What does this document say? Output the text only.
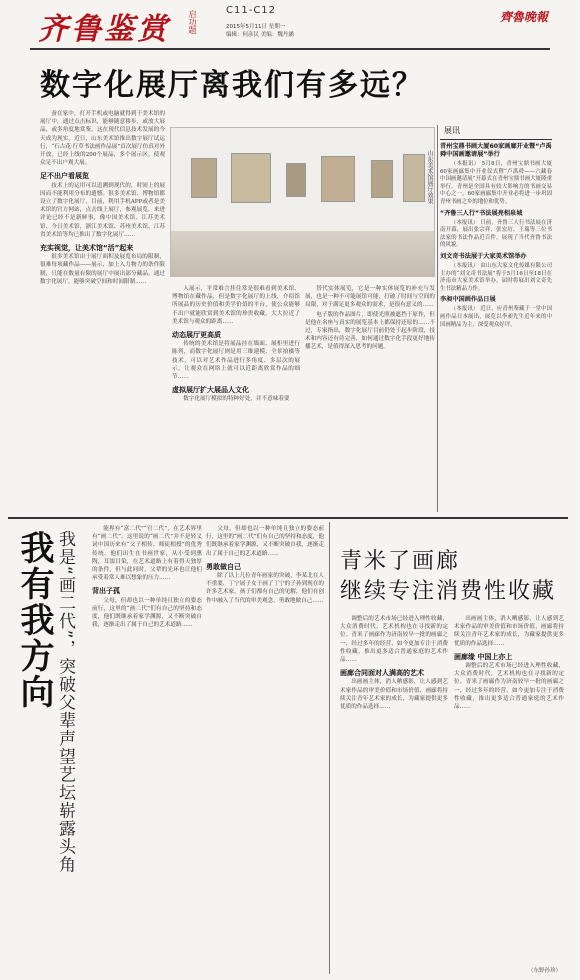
齐鲁鉴赏 启功题	C11-C12
2015年5月11日 星期一
编辑：何彦民 美编：魏丹涵
齊魯晚報
数字化展厅离我们有多远？

蚕在家中，打开手机或电脑就得到于美术馆的展厅中，通过点击标识，能够随意移步，或放大展品，或多角度地赏鉴，这在现代信息技术发展的今天成为现实。近日，山东美术馆推出数字展厅试运行，“石古花·行草书法画作品展”首次展厅仿真对外开放。已经上线的200个展品，多个展示区，使观众足不出户观大展。

足不出户看展览

技术上的运用可以追溯到现代的，时间上的展因而不能利用分布的遗憾。很多美术馆、博物馆都设立了数字化展厅，目前，利用手机APP或者是美术馆的官方网站，点击线上展厅，参观展览，来进评论已经不是新鲜事，像中国美术馆、江苏美术馆、今日美术馆，浙江美术馆、苏州美术馆、江苏省美术馆等均已推出了数字化展厅……

充实视觉，让美术馆“活”起来

很多美术馆由于展厅面积及展览布局的限制，很难每项藏作品——展示，加上入力物力的条件限制，只能在数量有限的展厅中展出部分藏品。通过数字化展厅，能够突破空间和时间限制……

山东美术馆展厅效果

入展示，平常难言挂往常是很难看到美术馆、博物馆在藏作品，但是数字化展厅的上线，介绍馆所展品的历史价值和美学价值的平台，使公众能够不出户就能欣赏到美术馆的珍贵收藏，大大拉近了美术馆与观众的距离……

动态展厅更高质

传统的美术馆是将展品挂在墙面、展柜里进行陈列，而数字化展厅则是用三维建模、全景拍摄等技术，可以对艺术作品进行多角度、多层次的展示，让观众在网络上就可以近距离欣赏作品的细节……

虚拟展厅扩大展品人文化

数字化展厅模拟的特种好处，并不意味着要

替代实体展览，它是一种实体展览的补充与发展，也是一种不可能展馆可能，打破了时间与空间的局限，对于满足更多观众的需求，是很有意义的……

电子版的作品图片，即使光照被遮挡于原作，但是他在名座与真实的展览基本上都保持还原的……不过，专家指出，数字化展厅目前仍处于起步阶段，技术和内容还有待完善，如何通过数字化手段更好地传播艺术，是值得深入思考的问题。

展讯
青州宝鼎书画大厦60家画廊开业暨“卢禹舜中国画邀请展”举行
（本报讯） 5月8日，青州宝鼎书画大厦60家画廊集中开业仪式暨“卢禹舜——六藏春中国画邀请展”开幕式在青州宝鼎书画大厦隆重举行。青州是全国具有较大影响力的书画交易中心之一，60家画廊集中开业必将进一步巩固青州书画之乡的地位和优势。
“齐鲁三人行”书法展亮相泉城
（本报讯） 日前，齐鲁三人行书法展在济南开幕，展出张宗祥、张宏厉、王瑞等三位书法家的书法作品近百件，展现了当代齐鲁书法的风貌。
刘文奇书法展于大家美术馆举办
（本报讯） 由山东大家文化传媒有限公司主办的“刘文奇书法展”将于5月16日至18日在济南市大家美术馆举办，届时将展出刘文奇先生书法精品力作。
李昶中国画作品日展
（本报讯） 近日，应青州鉴藏于一堂中国画作品日本展出，展览以李昶先生近年来的中国画精品为主，深受观众好评。
我有我方向 我是“画二代”，突破父辈声望艺坛崭露头角

能界有“富二代”“官二代”，在艺术界里有“画二代”。这里说的“画二代”并不是轻义词中国历来有“父子相传、师徒相授”的优秀传统。他们出生在书画世家，从小受到熏陶，耳濡目染，在艺术道路上有着得天独厚的条件，但与此同时，父辈的光环也让他们承受着常人难以想象的压力……

背出子孤

父母，但却也以一种单纯且独立的姿态前行，这里的“画二代”们有自己的坚持和态度，他们既继承着家学渊源，又不断突破自我，逐渐走出了属于自己的艺术道路……

父母，但却也以一种单纯且独立的姿态前行，这里的“画二代”们有自己的坚持和态度，他们既继承着家学渊源，又不断突破自我，逐渐走出了属于自己的艺术道路……

勇敢做自己

除了以上几位青年画家的突破，李某北在人不重要，丁宁展子女于画了丁宁的子孙到现在的许多艺术家，孩子们都有自己的见解，他们在创作中融入了当代的审美观念，勇敢地做自己……

青米了画廊
继续专注消费性收藏

调整后的艺术市场已经进入理性收藏，大众消费时代，艺术机构也在寻找新的定位。青米了画廊作为济南较早一批的画廊之一，经过多年的经营，如今更加专注于消费性收藏，推出更多适合普通家庭的艺术作品……

画廊合同面对人满高的艺术

出画画主体，消人晒感影，让人感到艺术家作品的审美价值和市场价值，画廊将持续关注青年艺术家的成长，为藏家提供更多优质的作品选择……

出画画主体，消人晒感影，让人感到艺术家作品的审美价值和市场价值，画廊将持续关注青年艺术家的成长，为藏家提供更多优质的作品选择……

画廊缘 中国上亦上

调整后的艺术市场已经进入理性收藏，大众消费时代，艺术机构也在寻找新的定位。青米了画廊作为济南较早一批的画廊之一，经过多年的经营，如今更加专注于消费性收藏，推出更多适合普通家庭的艺术作品……

（东野孙珍）
